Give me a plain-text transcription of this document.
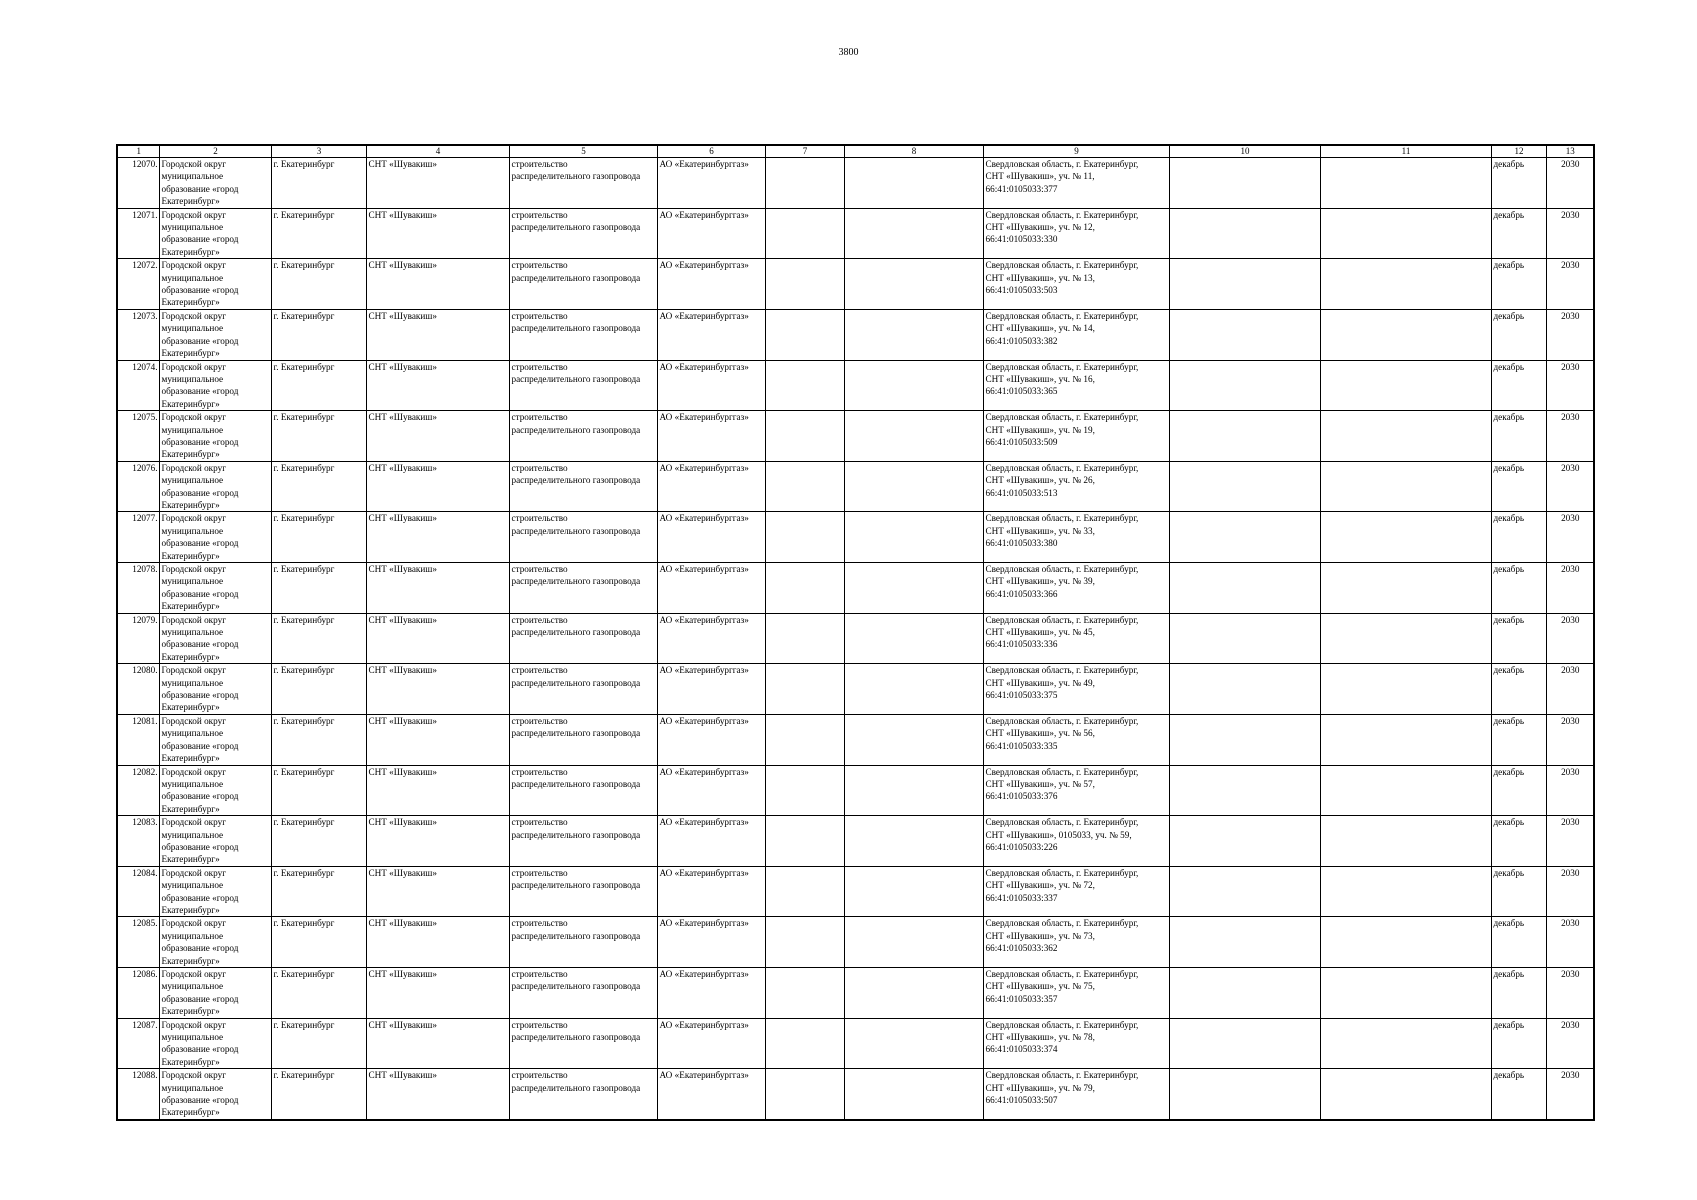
3800
1	2	3	4	5	6	7	8	9	10	11	12	13
12070.	Городской округ
муниципальное
образование «город
Екатеринбург»	г. Екатеринбург	СНТ «Шувакиш»	строительство
распределительного газопровода	АО «Екатеринбурггаз»			Свердловская область, г. Екатеринбург,
СНТ «Шувакиш», уч. № 11,
66:41:0105033:377			декабрь	2030
12071.	Городской округ
муниципальное
образование «город
Екатеринбург»	г. Екатеринбург	СНТ «Шувакиш»	строительство
распределительного газопровода	АО «Екатеринбурггаз»			Свердловская область, г. Екатеринбург,
СНТ «Шувакиш», уч. № 12,
66:41:0105033:330			декабрь	2030
12072.	Городской округ
муниципальное
образование «город
Екатеринбург»	г. Екатеринбург	СНТ «Шувакиш»	строительство
распределительного газопровода	АО «Екатеринбурггаз»			Свердловская область, г. Екатеринбург,
СНТ «Шувакиш», уч. № 13,
66:41:0105033:503			декабрь	2030
12073.	Городской округ
муниципальное
образование «город
Екатеринбург»	г. Екатеринбург	СНТ «Шувакиш»	строительство
распределительного газопровода	АО «Екатеринбурггаз»			Свердловская область, г. Екатеринбург,
СНТ «Шувакиш», уч. № 14,
66:41:0105033:382			декабрь	2030
12074.	Городской округ
муниципальное
образование «город
Екатеринбург»	г. Екатеринбург	СНТ «Шувакиш»	строительство
распределительного газопровода	АО «Екатеринбурггаз»			Свердловская область, г. Екатеринбург,
СНТ «Шувакиш», уч. № 16,
66:41:0105033:365			декабрь	2030
12075.	Городской округ
муниципальное
образование «город
Екатеринбург»	г. Екатеринбург	СНТ «Шувакиш»	строительство
распределительного газопровода	АО «Екатеринбурггаз»			Свердловская область, г. Екатеринбург,
СНТ «Шувакиш», уч. № 19,
66:41:0105033:509			декабрь	2030
12076.	Городской округ
муниципальное
образование «город
Екатеринбург»	г. Екатеринбург	СНТ «Шувакиш»	строительство
распределительного газопровода	АО «Екатеринбурггаз»			Свердловская область, г. Екатеринбург,
СНТ «Шувакиш», уч. № 26,
66:41:0105033:513			декабрь	2030
12077.	Городской округ
муниципальное
образование «город
Екатеринбург»	г. Екатеринбург	СНТ «Шувакиш»	строительство
распределительного газопровода	АО «Екатеринбурггаз»			Свердловская область, г. Екатеринбург,
СНТ «Шувакиш», уч. № 33,
66:41:0105033:380			декабрь	2030
12078.	Городской округ
муниципальное
образование «город
Екатеринбург»	г. Екатеринбург	СНТ «Шувакиш»	строительство
распределительного газопровода	АО «Екатеринбурггаз»			Свердловская область, г. Екатеринбург,
СНТ «Шувакиш», уч. № 39,
66:41:0105033:366			декабрь	2030
12079.	Городской округ
муниципальное
образование «город
Екатеринбург»	г. Екатеринбург	СНТ «Шувакиш»	строительство
распределительного газопровода	АО «Екатеринбурггаз»			Свердловская область, г. Екатеринбург,
СНТ «Шувакиш», уч. № 45,
66:41:0105033:336			декабрь	2030
12080.	Городской округ
муниципальное
образование «город
Екатеринбург»	г. Екатеринбург	СНТ «Шувакиш»	строительство
распределительного газопровода	АО «Екатеринбурггаз»			Свердловская область, г. Екатеринбург,
СНТ «Шувакиш», уч. № 49,
66:41:0105033:375			декабрь	2030
12081.	Городской округ
муниципальное
образование «город
Екатеринбург»	г. Екатеринбург	СНТ «Шувакиш»	строительство
распределительного газопровода	АО «Екатеринбурггаз»			Свердловская область, г. Екатеринбург,
СНТ «Шувакиш», уч. № 56,
66:41:0105033:335			декабрь	2030
12082.	Городской округ
муниципальное
образование «город
Екатеринбург»	г. Екатеринбург	СНТ «Шувакиш»	строительство
распределительного газопровода	АО «Екатеринбурггаз»			Свердловская область, г. Екатеринбург,
СНТ «Шувакиш», уч. № 57,
66:41:0105033:376			декабрь	2030
12083.	Городской округ
муниципальное
образование «город
Екатеринбург»	г. Екатеринбург	СНТ «Шувакиш»	строительство
распределительного газопровода	АО «Екатеринбурггаз»			Свердловская область, г. Екатеринбург,
СНТ «Шувакиш», 0105033, уч. № 59,
66:41:0105033:226			декабрь	2030
12084.	Городской округ
муниципальное
образование «город
Екатеринбург»	г. Екатеринбург	СНТ «Шувакиш»	строительство
распределительного газопровода	АО «Екатеринбурггаз»			Свердловская область, г. Екатеринбург,
СНТ «Шувакиш», уч. № 72,
66:41:0105033:337			декабрь	2030
12085.	Городской округ
муниципальное
образование «город
Екатеринбург»	г. Екатеринбург	СНТ «Шувакиш»	строительство
распределительного газопровода	АО «Екатеринбурггаз»			Свердловская область, г. Екатеринбург,
СНТ «Шувакиш», уч. № 73,
66:41:0105033:362			декабрь	2030
12086.	Городской округ
муниципальное
образование «город
Екатеринбург»	г. Екатеринбург	СНТ «Шувакиш»	строительство
распределительного газопровода	АО «Екатеринбурггаз»			Свердловская область, г. Екатеринбург,
СНТ «Шувакиш», уч. № 75,
66:41:0105033:357			декабрь	2030
12087.	Городской округ
муниципальное
образование «город
Екатеринбург»	г. Екатеринбург	СНТ «Шувакиш»	строительство
распределительного газопровода	АО «Екатеринбурггаз»			Свердловская область, г. Екатеринбург,
СНТ «Шувакиш», уч. № 78,
66:41:0105033:374			декабрь	2030
12088.	Городской округ
муниципальное
образование «город
Екатеринбург»	г. Екатеринбург	СНТ «Шувакиш»	строительство
распределительного газопровода	АО «Екатеринбурггаз»			Свердловская область, г. Екатеринбург,
СНТ «Шувакиш», уч. № 79,
66:41:0105033:507			декабрь	2030
